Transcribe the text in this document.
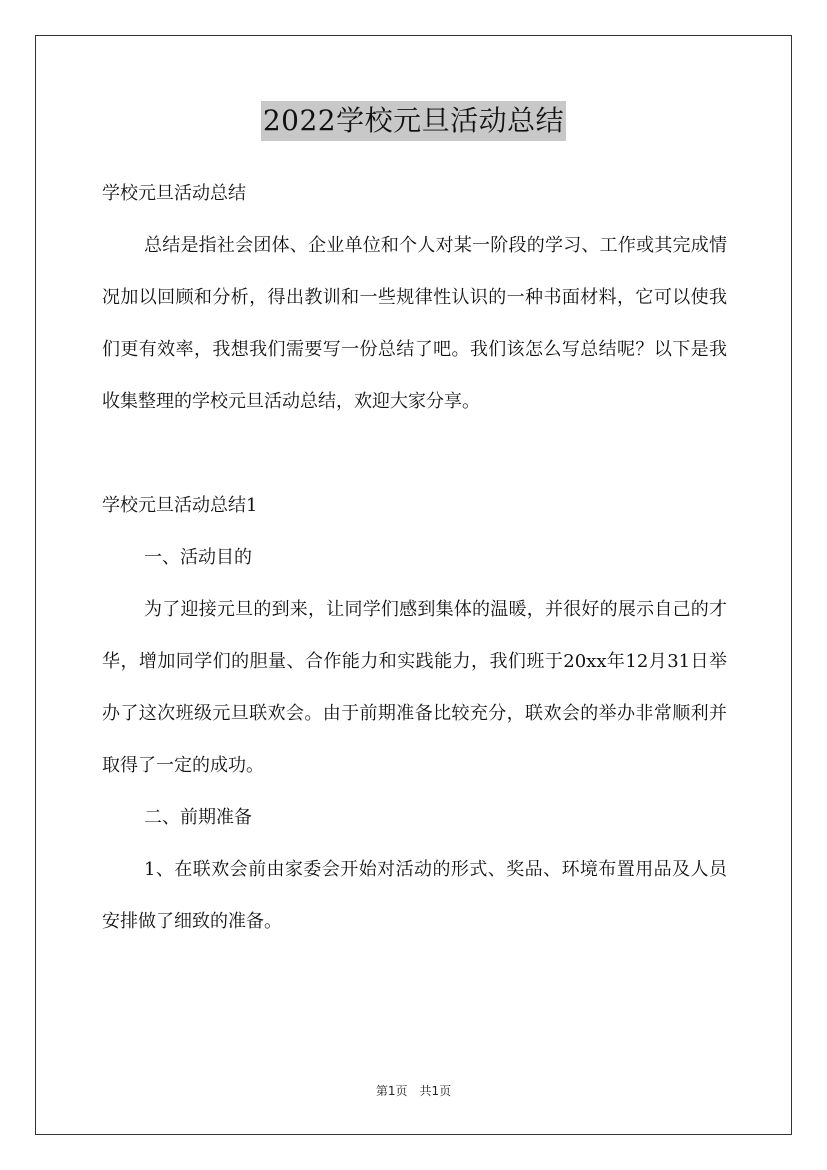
2022学校元旦活动总结

学校元旦活动总结

总结是指社会团体、企业单位和个人对某一阶段的学习、工作或其完成情况加以回顾和分析，得出教训和一些规律性认识的一种书面材料，它可以使我们更有效率，我想我们需要写一份总结了吧。我们该怎么写总结呢？以下是我收集整理的学校元旦活动总结，欢迎大家分享。

学校元旦活动总结1

一、活动目的

为了迎接元旦的到来，让同学们感到集体的温暖，并很好的展示自己的才华，增加同学们的胆量、合作能力和实践能力，我们班于20xx年12月31日举办了这次班级元旦联欢会。由于前期准备比较充分，联欢会的举办非常顺利并取得了一定的成功。

二、前期准备

1、在联欢会前由家委会开始对活动的形式、奖品、环境布置用品及人员安排做了细致的准备。

第1页　共1页
